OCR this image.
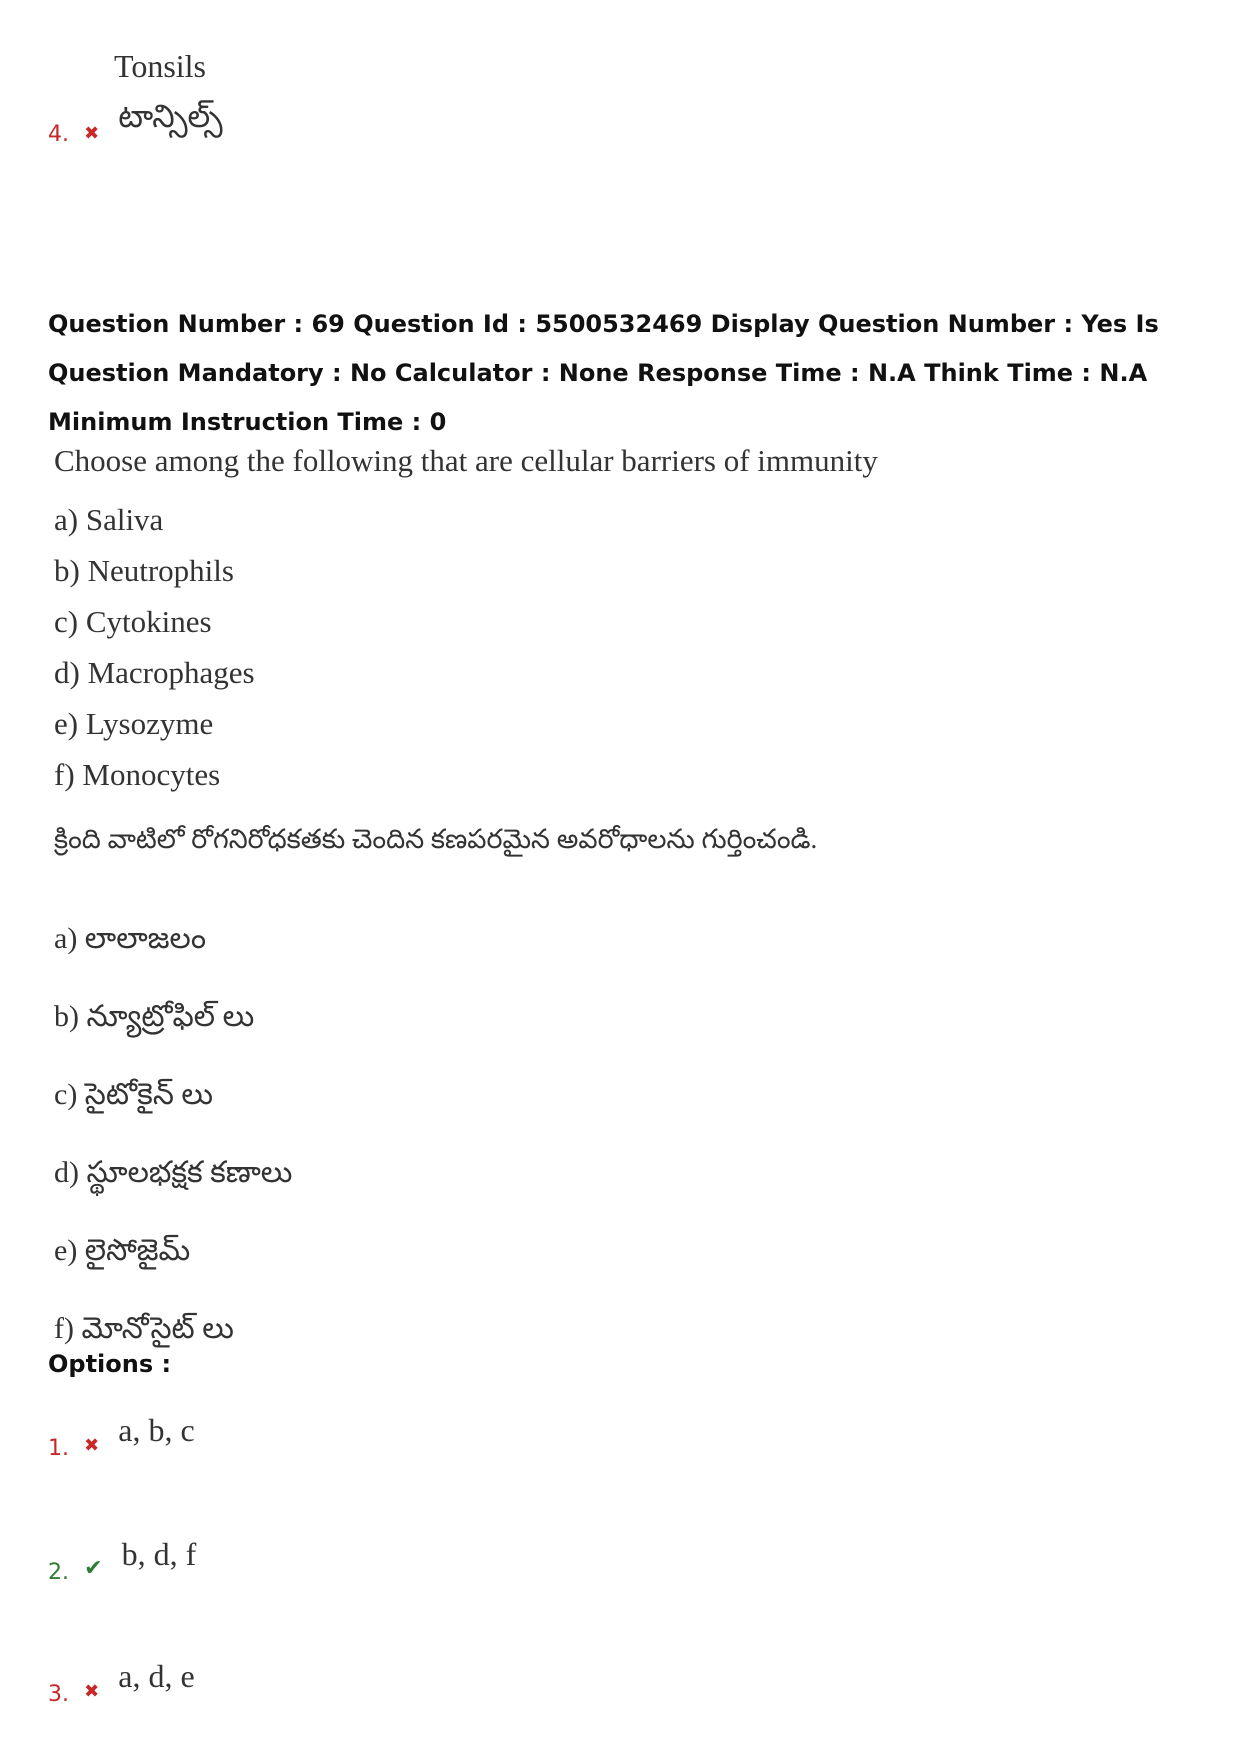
Tonsils
4. ✖ టాన్సిల్స్
Question Number : 69 Question Id : 5500532469 Display Question Number : Yes Is Question Mandatory : No Calculator : None Response Time : N.A Think Time : N.A Minimum Instruction Time : 0
Choose among the following that are cellular barriers of immunity
a) Saliva
b) Neutrophils
c) Cytokines
d) Macrophages
e) Lysozyme
f) Monocytes
క్రింది వాటిలో రోగనిరోధకతకు చెందిన కణపరమైన అవరోధాలను గుర్తించండి.
a) లాలాజలం
b) న్యూట్రోఫిల్ లు
c) సైటోకైన్ లు
d) స్థూలభక్షక కణాలు
e) లైసోజైమ్
f) మోనోసైట్ లు
Options :
1. ✖ a, b, c
2. ✔ b, d, f
3. ✖ a, d, e
